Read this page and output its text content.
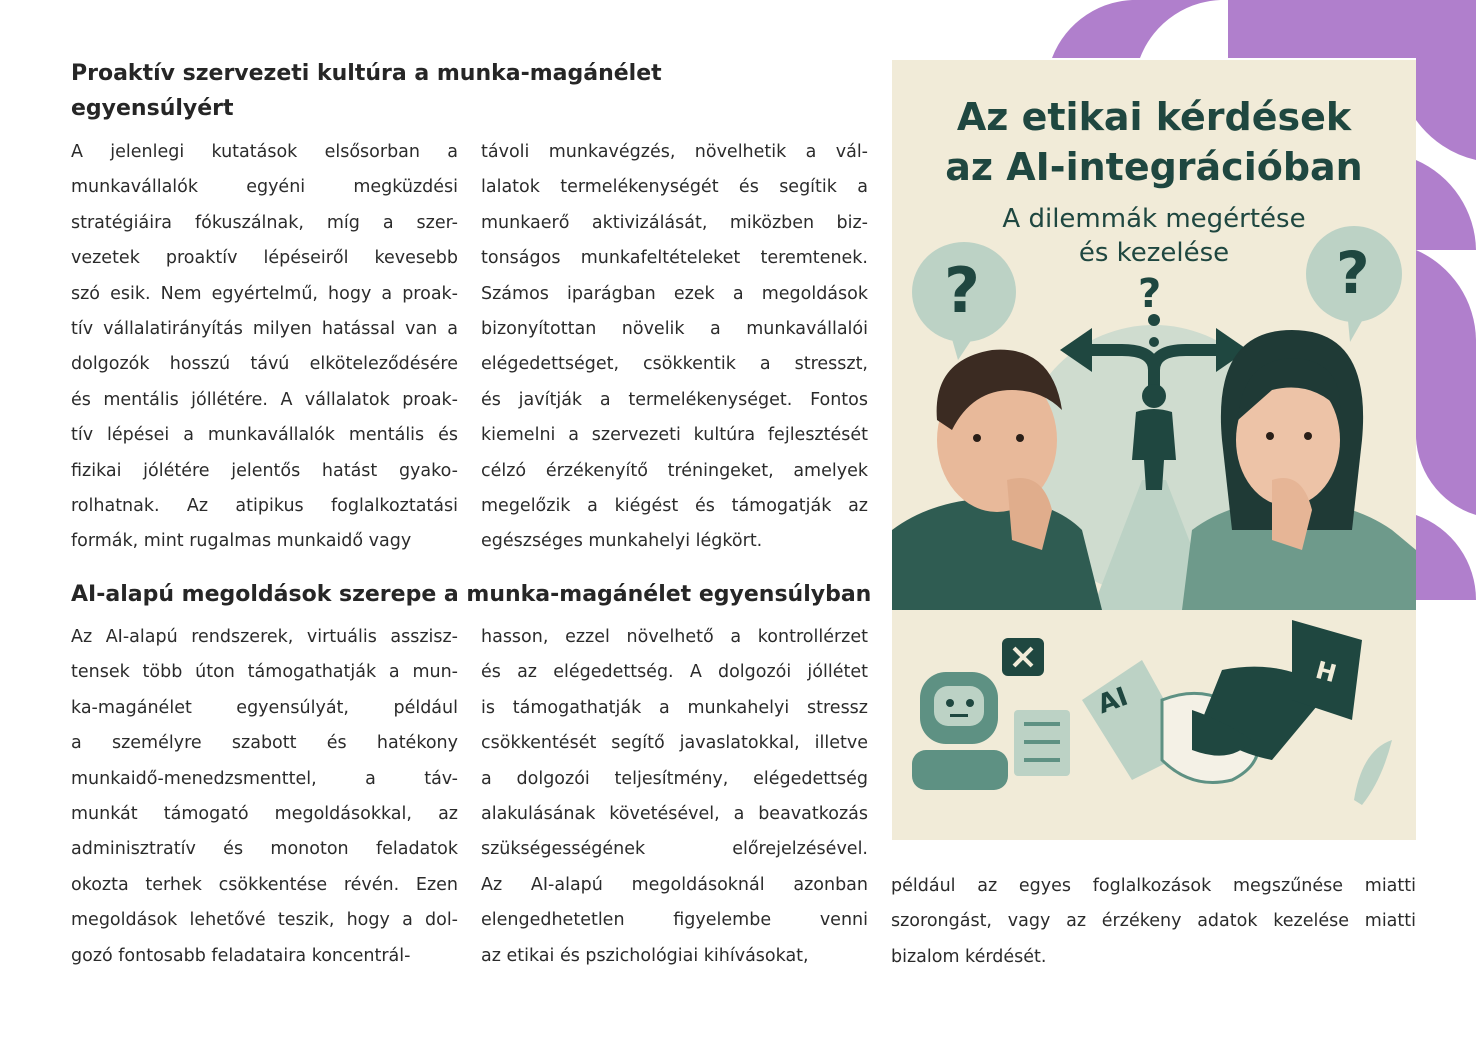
Proaktív szervezeti kultúra a munka-magánélet
egyensúlyért
A jelenlegi kutatások elsősorban a
munkavállalók egyéni megküzdési
stratégiáira fókuszálnak, míg a szer-
vezetek proaktív lépéseiről kevesebb
szó esik. Nem egyértelmű, hogy a proak-
tív vállalatirányítás milyen hatással van a
dolgozók hosszú távú elköteleződésére
és mentális jóllétére. A vállalatok proak-
tív lépései a munkavállalók mentális és
fizikai jólétére jelentős hatást gyako-
rolhatnak. Az atipikus foglalkoztatási
formák, mint rugalmas munkaidő vagy
távoli munkavégzés, növelhetik a vál-
lalatok termelékenységét és segítik a
munkaerő aktivizálását, miközben biz-
tonságos munkafeltételeket teremtenek.
Számos iparágban ezek a megoldások
bizonyítottan növelik a munkavállalói
elégedettséget, csökkentik a stresszt,
és javítják a termelékenységet. Fontos
kiemelni a szervezeti kultúra fejlesztését
célzó érzékenyítő tréningeket, amelyek
megelőzik a kiégést és támogatják az
egészséges munkahelyi légkört.
AI-alapú megoldások szerepe a munka-magánélet egyensúlyban
Az AI-alapú rendszerek, virtuális asszisz-
tensek több úton támogathatják a mun-
ka-magánélet egyensúlyát, például
a személyre szabott és hatékony
munkaidő-menedzsmenttel, a táv-
munkát támogató megoldásokkal, az
adminisztratív és monoton feladatok
okozta terhek csökkentése révén. Ezen
megoldások lehetővé teszik, hogy a dol-
gozó fontosabb feladataira koncentrál-
hasson, ezzel növelhető a kontrollérzet
és az elégedettség. A dolgozói jóllétet
is támogathatják a munkahelyi stressz
csökkentését segítő javaslatokkal, illetve
a dolgozói teljesítmény, elégedettség
alakulásának követésével, a beavatkozás
szükségességének előrejelzésével.
Az AI-alapú megoldásoknál azonban
elengedhetetlen figyelembe venni
az etikai és pszichológiai kihívásokat,
például az egyes foglalkozások megszűnése miatti
szorongást, vagy az érzékeny adatok kezelése miatti
bizalom kérdését.
Az etikai kérdések
az AI-integrációban
A dilemmák megértése
és kezelése
?	?
?
AI
H
